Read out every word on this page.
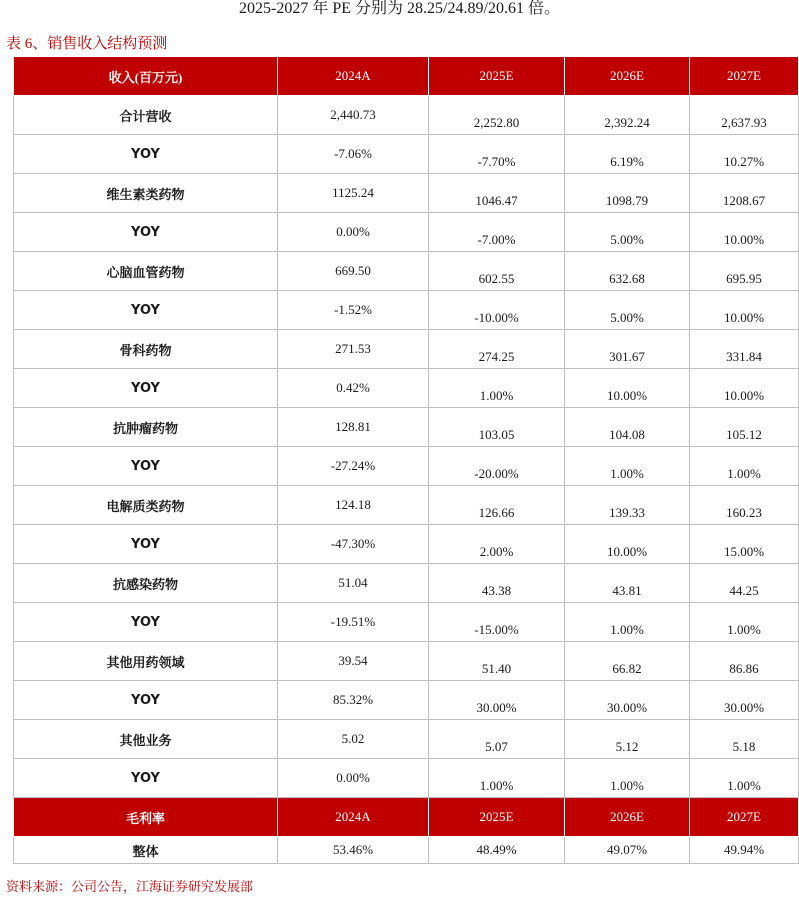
2025-2027 年 PE 分别为 28.25/24.89/20.61 倍。
表 6、销售收入结构预测
收入(百万元)	2024A	2025E	2026E	2027E
合计营收	2,440.73	2,252.80	2,392.24	2,637.93
YOY	-7.06%	-7.70%	6.19%	10.27%
维生素类药物	1125.24	1046.47	1098.79	1208.67
YOY	0.00%	-7.00%	5.00%	10.00%
心脑血管药物	669.50	602.55	632.68	695.95
YOY	-1.52%	-10.00%	5.00%	10.00%
骨科药物	271.53	274.25	301.67	331.84
YOY	0.42%	1.00%	10.00%	10.00%
抗肿瘤药物	128.81	103.05	104.08	105.12
YOY	-27.24%	-20.00%	1.00%	1.00%
电解质类药物	124.18	126.66	139.33	160.23
YOY	-47.30%	2.00%	10.00%	15.00%
抗感染药物	51.04	43.38	43.81	44.25
YOY	-19.51%	-15.00%	1.00%	1.00%
其他用药领域	39.54	51.40	66.82	86.86
YOY	85.32%	30.00%	30.00%	30.00%
其他业务	5.02	5.07	5.12	5.18
YOY	0.00%	1.00%	1.00%	1.00%
毛利率	2024A	2025E	2026E	2027E
整体	53.46%	48.49%	49.07%	49.94%
资料来源：公司公告，江海证券研究发展部
